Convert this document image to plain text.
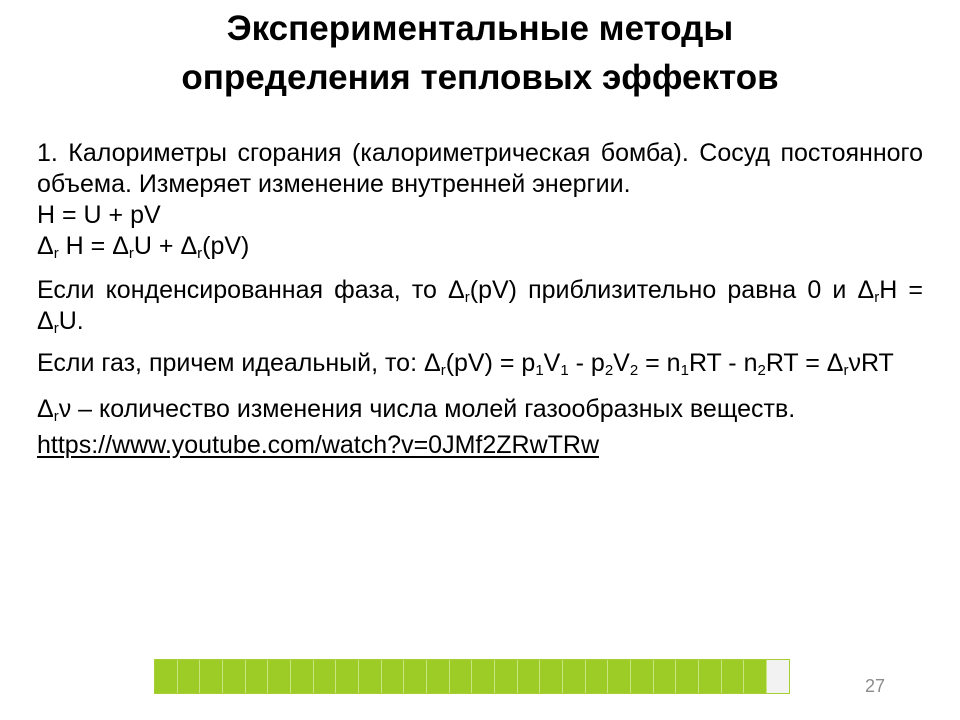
Экспериментальные методы
определения тепловых эффектов

1. Калориметры сгорания (калориметрическая бомба). Сосуд постоянного объема. Измеряет изменение внутренней энергии.

H = U + pV

$\Delta_r$ $H = \Delta_rU + \Delta_r(pV)$

Если конденсированная фаза, то $\Delta_r(pV)$ приблизительно равна 0 и $\Delta_rH = \Delta_rU$.

Если газ, причем идеальный, то: $\Delta_r(pV) = p_1V_1 - p_2V_2 = n_1RT - n_2RT = \Delta_r\nu RT$

$\Delta_r\nu$ – количество изменения числа молей газообразных веществ.

https://www.youtube.com/watch?v=0JMf2ZRwTRw
27
